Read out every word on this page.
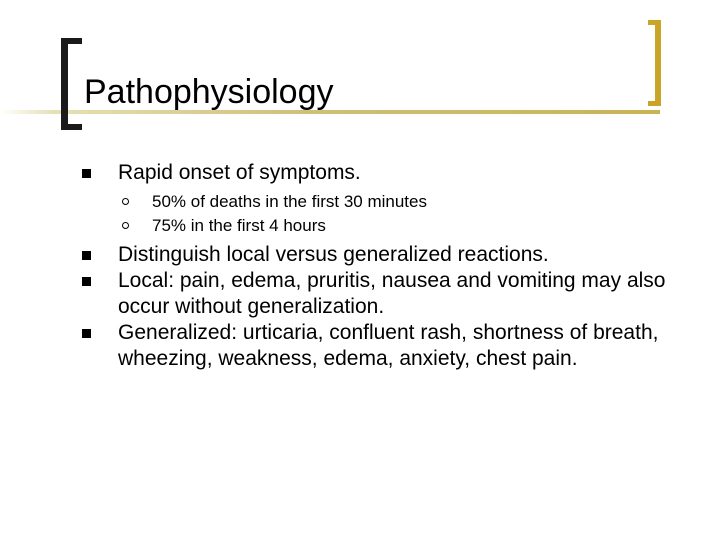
Pathophysiology
Rapid onset of symptoms.
50% of deaths in the first 30 minutes
75% in the first 4 hours
Distinguish local versus generalized reactions.
Local: pain, edema, pruritis, nausea and vomiting may also occur without generalization.
Generalized: urticaria, confluent rash, shortness of breath, wheezing, weakness, edema, anxiety, chest pain.
